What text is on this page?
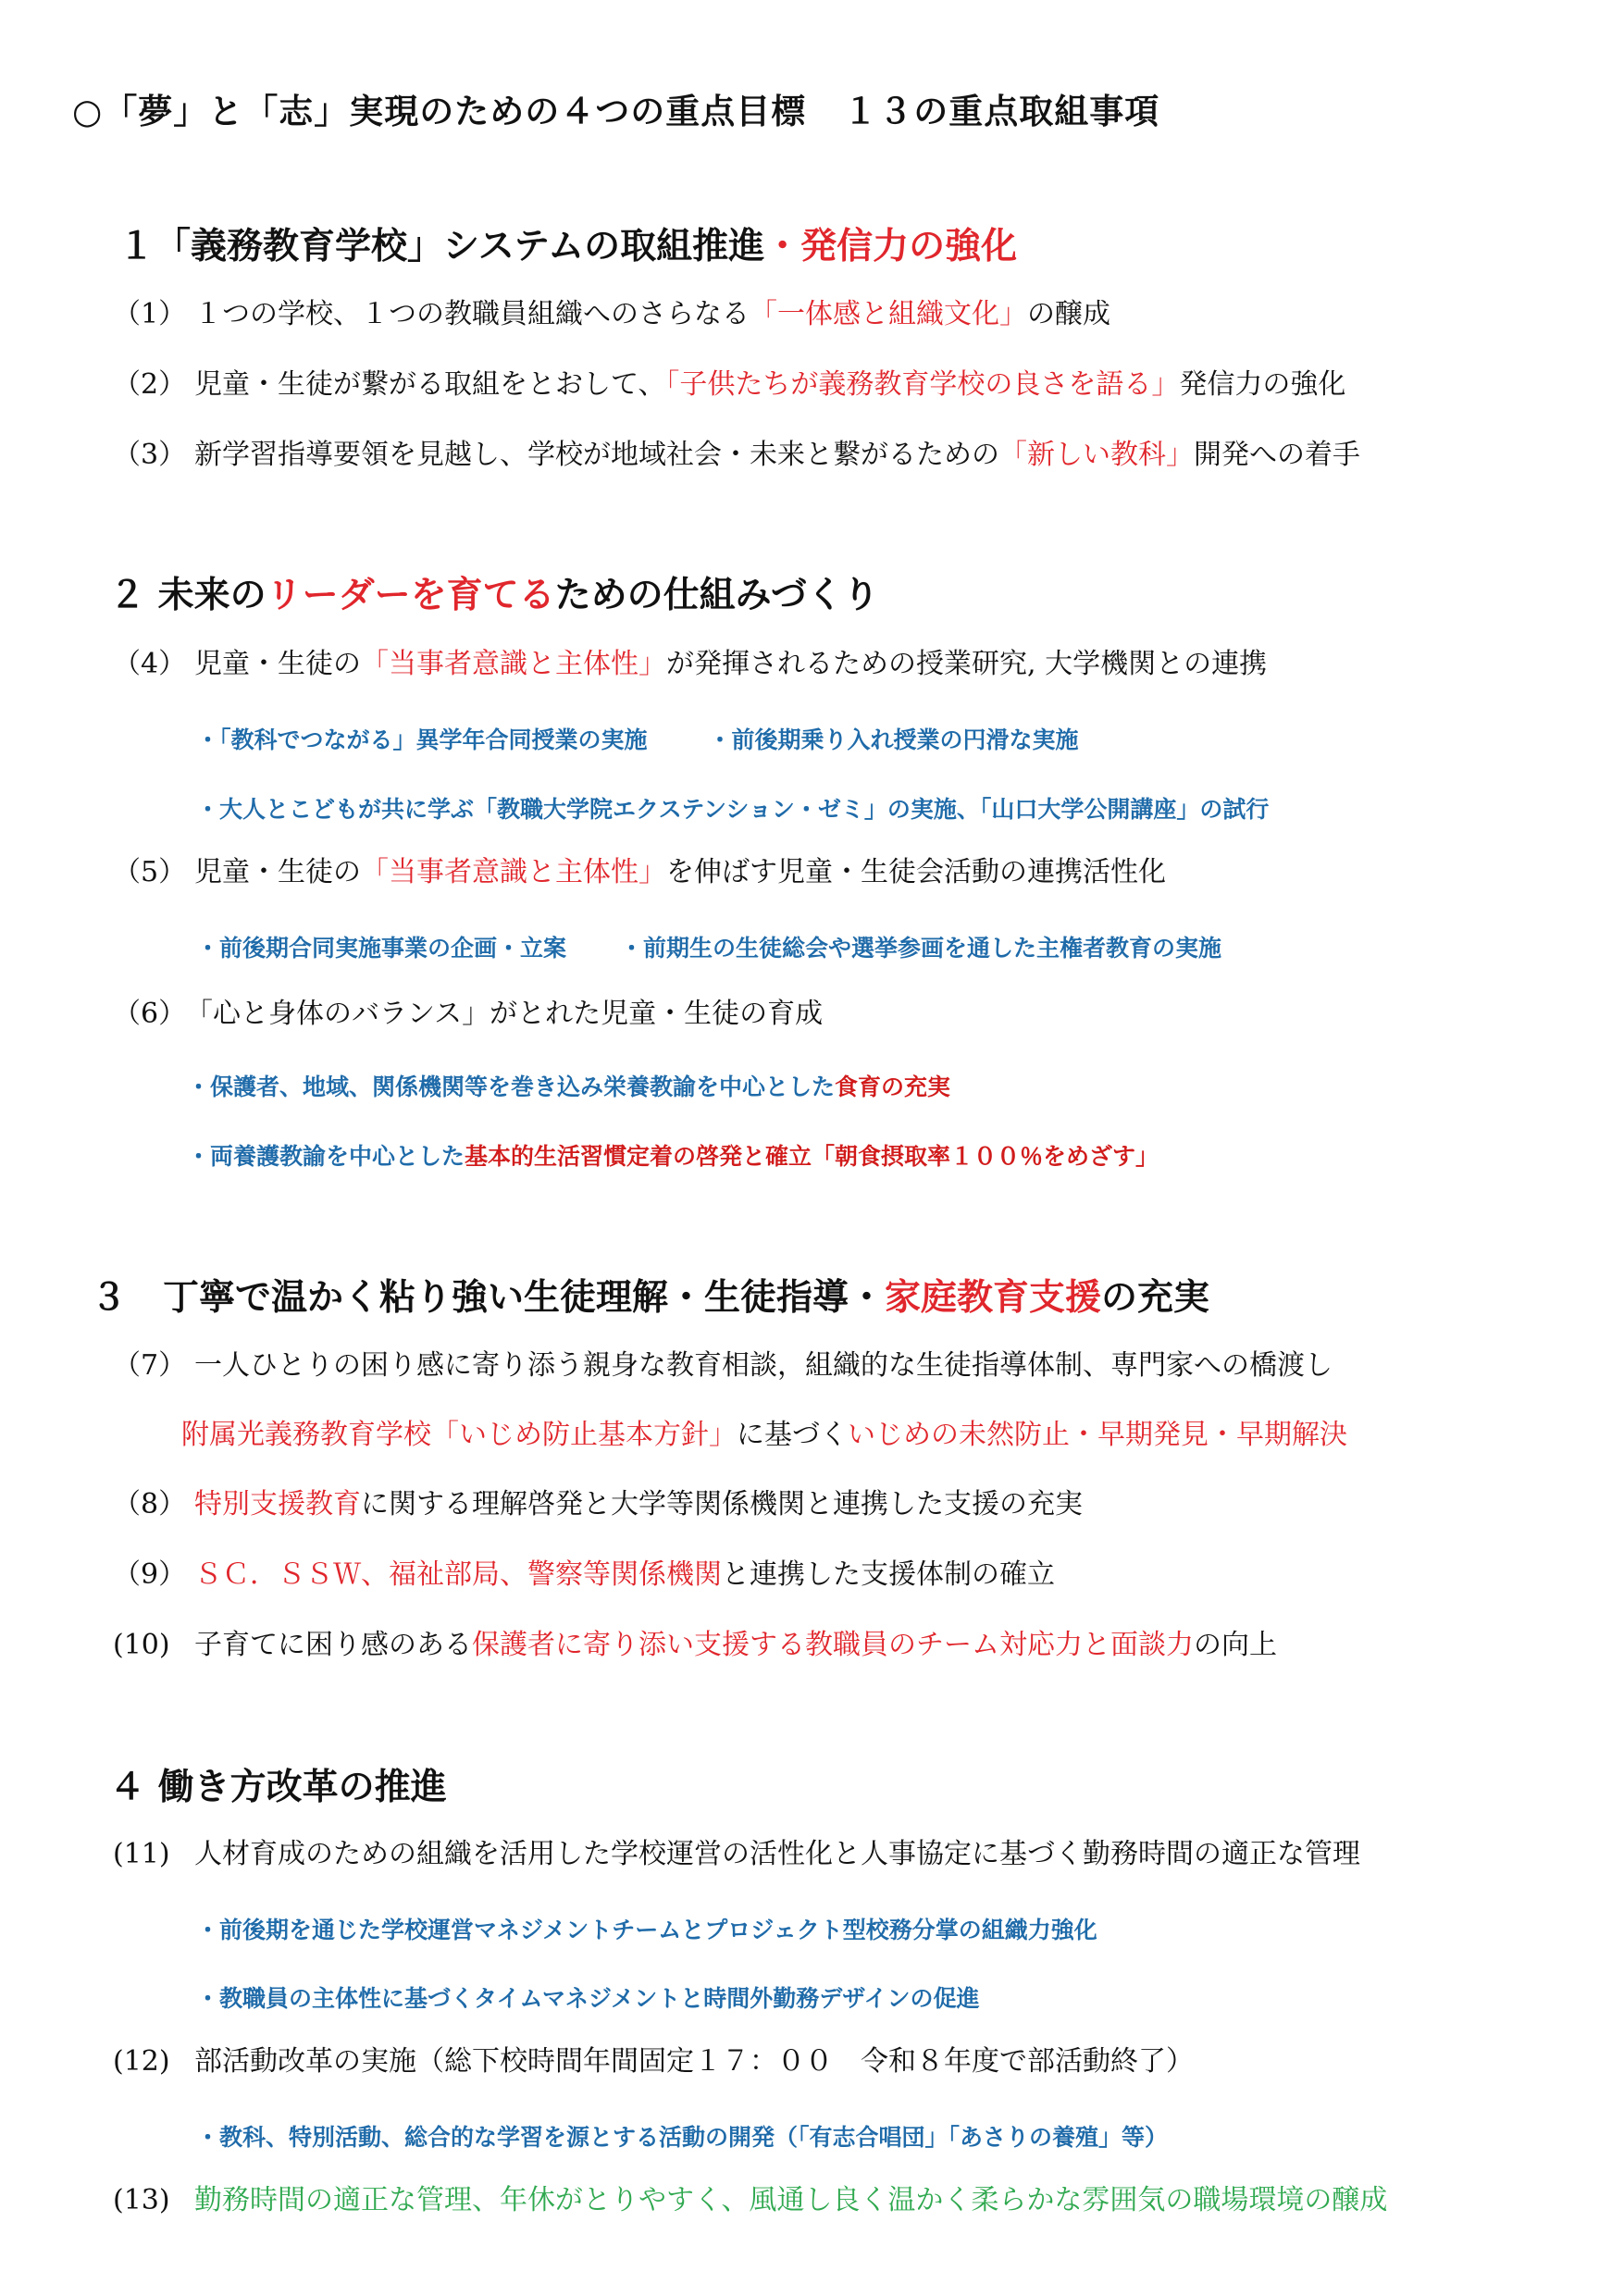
○「夢」と「志」実現のための４つの重点目標 １３の重点取組事項
１「義務教育学校」システムの取組推進・発信力の強化
（1） １つの学校、１つの教職員組織へのさらなる「一体感と組織文化」の醸成
（2） 児童・生徒が繋がる取組をとおして、「子供たちが義務教育学校の良さを語る」発信力の強化
（3） 新学習指導要領を見越し、学校が地域社会・未来と繋がるための「新しい教科」開発への着手
２ 未来のリーダーを育てるための仕組みづくり
（4） 児童・生徒の「当事者意識と主体性」が発揮されるための授業研究, 大学機関との連携
・「教科でつながる」異学年合同授業の実施	・前後期乗り入れ授業の円滑な実施
・大人とこどもが共に学ぶ「教職大学院エクステンション・ゼミ」の実施、「山口大学公開講座」の試行
（5） 児童・生徒の「当事者意識と主体性」を伸ばす児童・生徒会活動の連携活性化
・前後期合同実施事業の企画・立案 ・前期生の生徒総会や選挙参画を通した主権者教育の実施
（6）「心と身体のバランス」がとれた児童・生徒の育成
・保護者、地域、関係機関等を巻き込み栄養教諭を中心とした食育の充実
・両養護教諭を中心とした基本的生活習慣定着の啓発と確立「朝食摂取率１００％をめざす」
３　丁寧で温かく粘り強い生徒理解・生徒指導・家庭教育支援の充実
（7） 一人ひとりの困り感に寄り添う親身な教育相談，組織的な生徒指導体制、専門家への橋渡し
附属光義務教育学校「いじめ防止基本方針」に基づくいじめの未然防止・早期発見・早期解決
（8） 特別支援教育に関する理解啓発と大学等関係機関と連携した支援の充実
（9） ＳＣ．ＳＳＷ、福祉部局、警察等関係機関と連携した支援体制の確立
(10) 子育てに困り感のある保護者に寄り添い支援する教職員のチーム対応力と面談力の向上
４ 働き方改革の推進
(11) 人材育成のための組織を活用した学校運営の活性化と人事協定に基づく勤務時間の適正な管理
・前後期を通じた学校運営マネジメントチームとプロジェクト型校務分掌の組織力強化
・教職員の主体性に基づくタイムマネジメントと時間外勤務デザインの促進
(12) 部活動改革の実施（総下校時間年間固定１７：００　令和８年度で部活動終了）
・教科、特別活動、総合的な学習を源とする活動の開発（「有志合唱団」「あさりの養殖」等）
(13) 勤務時間の適正な管理、年休がとりやすく、風通し良く温かく柔らかな雰囲気の職場環境の醸成
